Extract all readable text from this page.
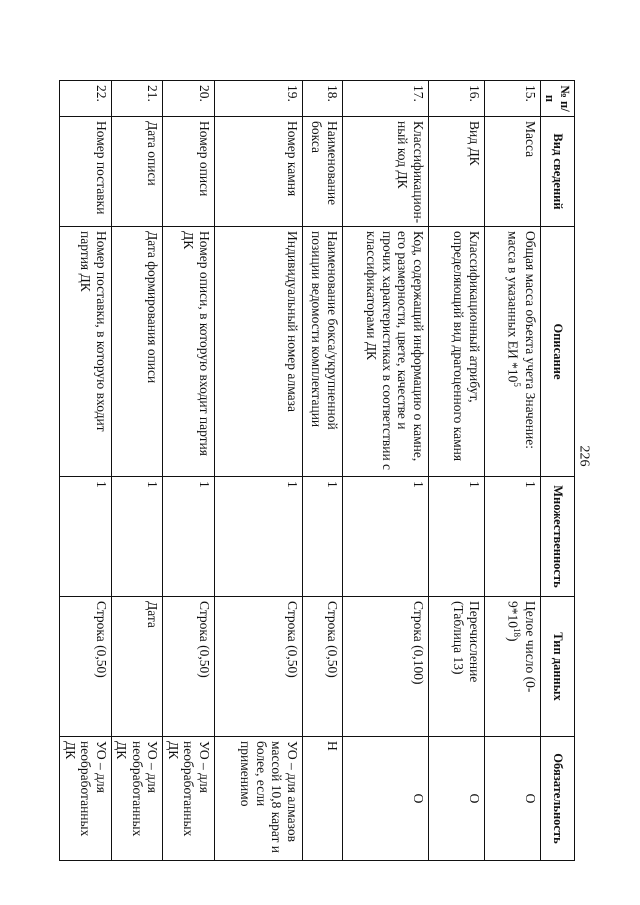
226
№ п/п	Вид сведений	Описание	Множественность	Тип данных	Обязательность
15.	Масса	Общая масса объекта учета Значение: масса в указанных ЕИ $*10^5$	1	Целое число $(0-9*10^{18})$	О
16.	Вид ДК	Классификационный атрибут, определяющий вид драгоценного камня	1	Перечисление (Таблица 13)	О
17.	Классификацион-ный код ДК	Код, содержащий информацию о камне, его размерности, цвете, качестве и прочих характеристиках в соответствии с классификаторами ДК	1	Строка (0,100)	О
18.	Наименование бокса	Наименование бокса/укрупненной позиции ведомости комплектации	1	Строка (0,50)	Н
19.	Номер камня	Индивидуальный номер алмаза	1	Строка (0,50)	УО – для алмазов массой 10,8 карат и более, если применимо
20.	Номер описи	Номер описи, в которую входит партия ДК	1	Строка (0,50)	УО – для необработанных ДК
21.	Дата описи	Дата формирования описи	1	Дата	УО – для необработанных ДК
22.	Номер поставки	Номер поставки, в которую входит партия ДК	1	Строка (0,50)	УО – для необработанных ДК
